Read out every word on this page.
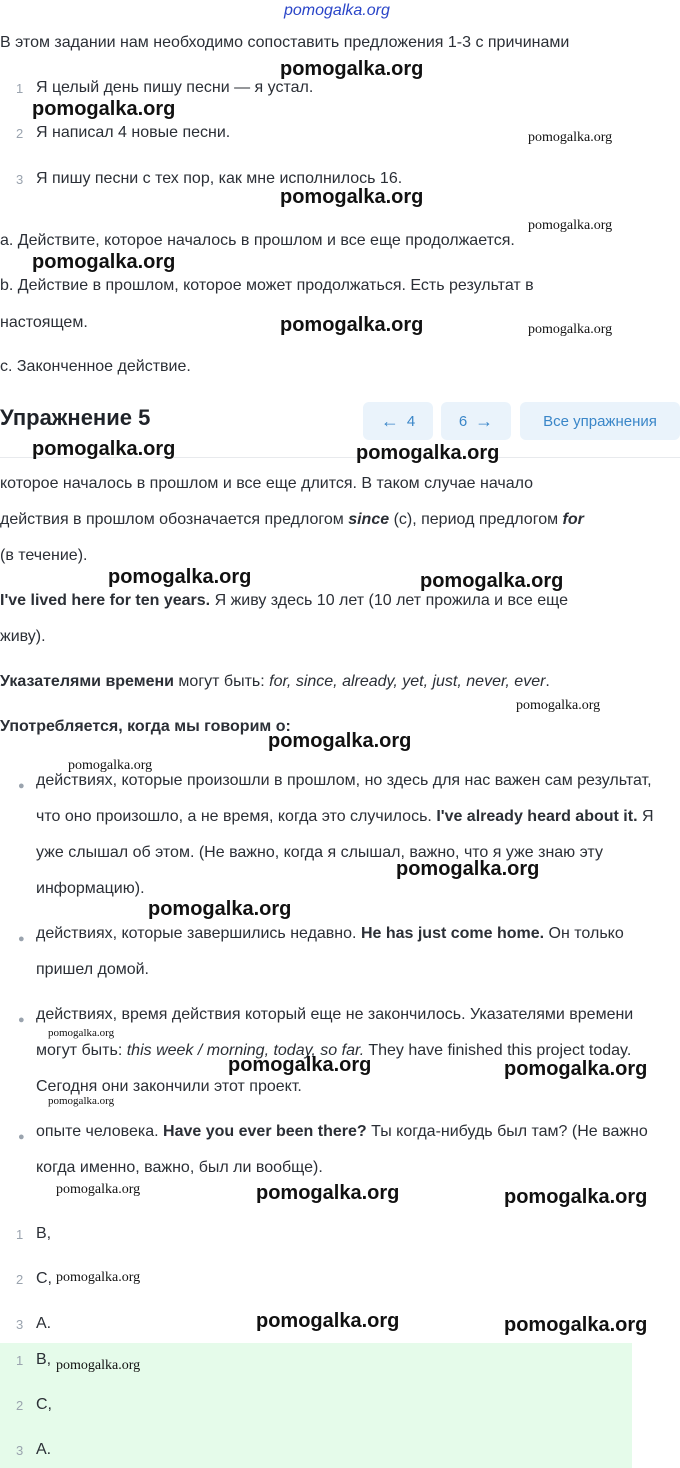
pomogalka.org
В этом задании нам необходимо сопоставить предложения 1-3 с причинами
1 Я целый день пишу песни — я устал.
2 Я написал 4 новые песни.
3 Я пишу песни с тех пор, как мне исполнилось 16.
a. Действите, которое началось в прошлом и все еще продолжается.
b. Действие в прошлом, которое может продолжаться. Есть результат в
настоящем.
c. Законченное действие.
Упражнение 5	← 4	6 →	Все упражнения
которое началось в прошлом и все еще длится. В таком случае начало
действия в прошлом обозначается предлогом since (с), период предлогом for
(в течение).
I've lived here for ten years. Я живу здесь 10 лет (10 лет прожила и все еще
живу).
Указателями времени могут быть: for, since, already, yet, just, never, ever.
Употребляется, когда мы говорим о:
● действиях, которые произошли в прошлом, но здесь для нас важен сам результат, что оно произошло, а не время, когда это случилось. I've already heard about it. Я уже слышал об этом. (Не важно, когда я слышал, важно, что я уже знаю эту информацию).
● действиях, которые завершились недавно. He has just come home. Он только пришел домой.
● действиях, время действия который еще не закончилось. Указателями времени могут быть: this week / morning, today, so far. They have finished this project today. Сегодня они закончили этот проект.
● опыте человека. Have you ever been there? Ты когда-нибудь был там? (Не важно когда именно, важно, был ли вообще).
1 B,
2 C,
3 A.
1 B,
2 C,
3 A.
pomogalka.org
pomogalka.org
pomogalka.org
pomogalka.org
pomogalka.org
pomogalka.org
pomogalka.org	pomogalka.org
pomogalka.org	pomogalka.org
pomogalka.org	pomogalka.org
pomogalka.org
pomogalka.org
pomogalka.org
pomogalka.org
pomogalka.org
pomogalka.org
pomogalka.org	pomogalka.org
pomogalka.org
pomogalka.org	pomogalka.org	pomogalka.org
pomogalka.org
pomogalka.org	pomogalka.org
pomogalka.org
